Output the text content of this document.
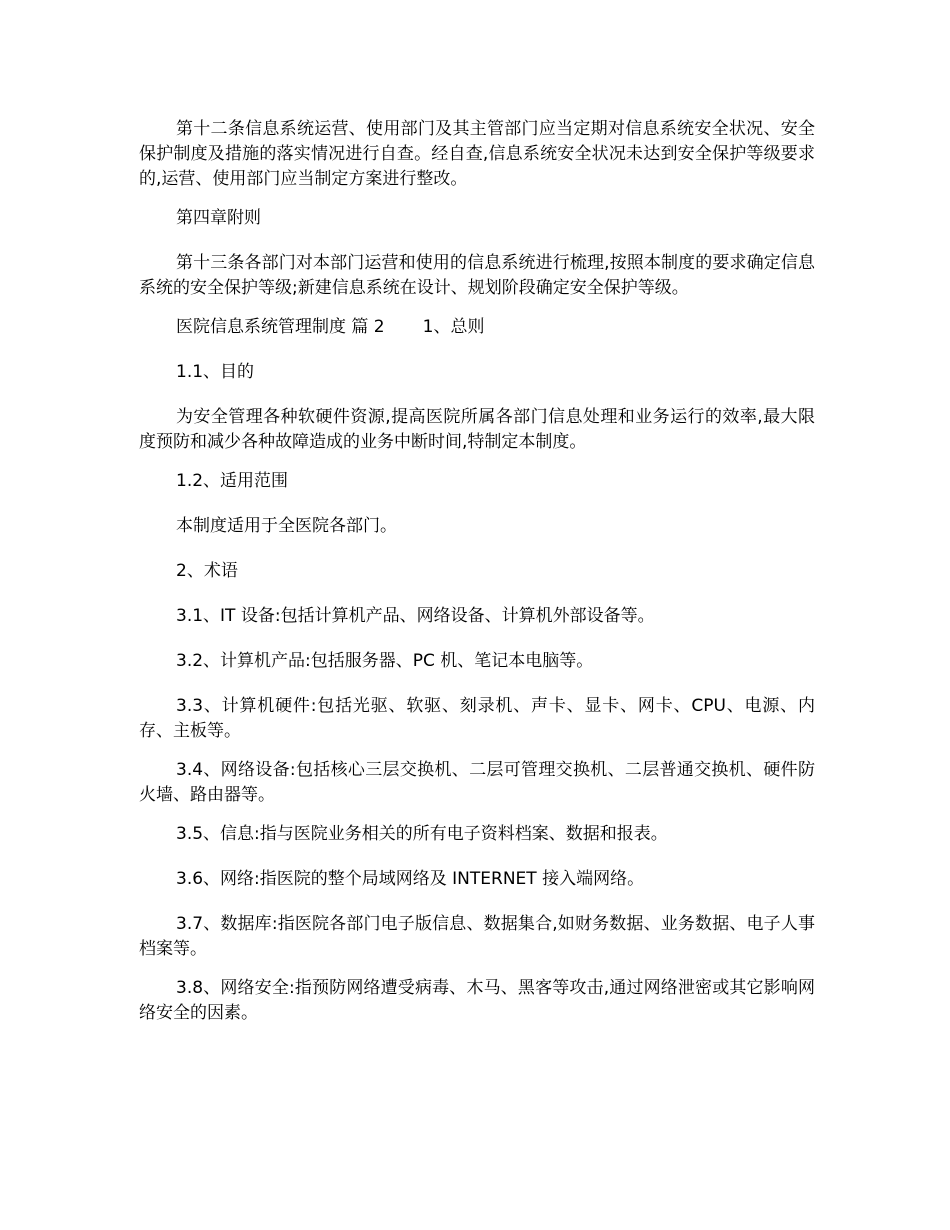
第十二条信息系统运营、使用部门及其主管部门应当定期对信息系统安全状况、安全保护制度及措施的落实情况进行自查。经自查,信息系统安全状况未达到安全保护等级要求的,运营、使用部门应当制定方案进行整改。

第四章附则

第十三条各部门对本部门运营和使用的信息系统进行梳理,按照本制度的要求确定信息系统的安全保护等级;新建信息系统在设计、规划阶段确定安全保护等级。

医院信息系统管理制度 篇 2 1、总则

1.1、目的

为安全管理各种软硬件资源,提高医院所属各部门信息处理和业务运行的效率,最大限度预防和减少各种故障造成的业务中断时间,特制定本制度。

1.2、适用范围

本制度适用于全医院各部门。

2、术语

3.1、IT 设备:包括计算机产品、网络设备、计算机外部设备等。

3.2、计算机产品:包括服务器、PC 机、笔记本电脑等。

3.3、计算机硬件:包括光驱、软驱、刻录机、声卡、显卡、网卡、CPU、电源、内存、主板等。

3.4、网络设备:包括核心三层交换机、二层可管理交换机、二层普通交换机、硬件防火墙、路由器等。

3.5、信息:指与医院业务相关的所有电子资料档案、数据和报表。

3.6、网络:指医院的整个局域网络及 INTERNET 接入端网络。

3.7、数据库:指医院各部门电子版信息、数据集合,如财务数据、业务数据、电子人事档案等。

3.8、网络安全:指预防网络遭受病毒、木马、黑客等攻击,通过网络泄密或其它影响网络安全的因素。
